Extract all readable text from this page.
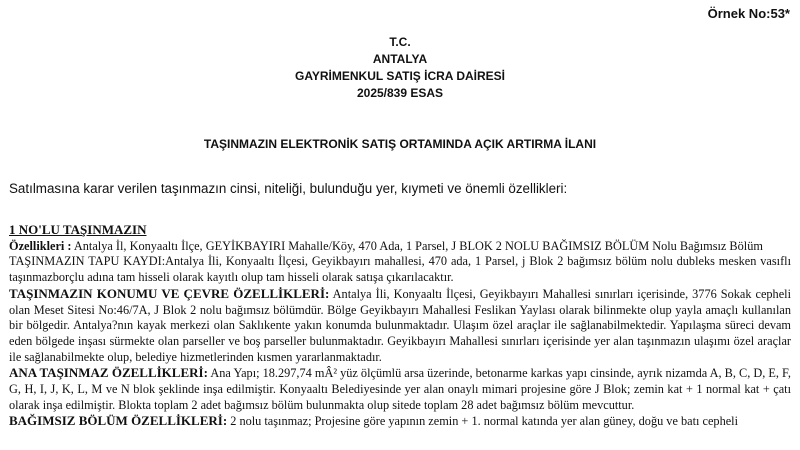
Örnek No:53*
T.C.
ANTALYA
GAYRİMENKUL SATIŞ İCRA DAİRESİ
2025/839 ESAS
TAŞINMAZIN ELEKTRONİK SATIŞ ORTAMINDA AÇIK ARTIRMA İLANI
Satılmasına karar verilen taşınmazın cinsi, niteliği, bulunduğu yer, kıymeti ve önemli özellikleri:

1 NO'LU TAŞINMAZIN

Özellikleri : Antalya İl, Konyaaltı İlçe, GEYİKBAYIRI Mahalle/Köy, 470 Ada, 1 Parsel, J BLOK 2 NOLU BAĞIMSIZ BÖLÜM Nolu Bağımsız Bölüm
TAŞINMAZIN TAPU KAYDI:Antalya İli, Konyaaltı İlçesi, Geyikbayırı mahallesi, 470 ada, 1 Parsel, j Blok 2 bağımsız bölüm nolu dubleks mesken vasıflı taşınmazborçlu adına tam hisseli olarak kayıtlı olup tam hisseli olarak satışa çıkarılacaktır.

TAŞINMAZIN KONUMU VE ÇEVRE ÖZELLİKLERİ: Antalya İli, Konyaaltı İlçesi, Geyikbayırı Mahallesi sınırları içerisinde, 3776 Sokak cepheli olan Meset Sitesi No:46/7A, J Blok 2 nolu bağımsız bölümdür. Bölge Geyikbayırı Mahallesi Feslikan Yaylası olarak bilinmekte olup yayla amaçlı kullanılan bir bölgedir. Antalya?nın kayak merkezi olan Saklıkente yakın konumda bulunmaktadır. Ulaşım özel araçlar ile sağlanabilmektedir. Yapılaşma süreci devam eden bölgede inşası sürmekte olan parseller ve boş parseller bulunmaktadır. Geyikbayırı Mahallesi sınırları içerisinde yer alan taşınmazın ulaşımı özel araçlar ile sağlanabilmekte olup, belediye hizmetlerinden kısmen yararlanmaktadır.

ANA TAŞINMAZ ÖZELLİKLERİ: Ana Yapı; 18.297,74 mÂ² yüz ölçümlü arsa üzerinde, betonarme karkas yapı cinsinde, ayrık nizamda A, B, C, D, E, F, G, H, I, J, K, L, M ve N blok şeklinde inşa edilmiştir. Konyaaltı Belediyesinde yer alan onaylı mimari projesine göre J Blok; zemin kat + 1 normal kat + çatı olarak inşa edilmiştir. Blokta toplam 2 adet bağımsız bölüm bulunmakta olup sitede toplam 28 adet bağımsız bölüm mevcuttur.

BAĞIMSIZ BÖLÜM ÖZELLİKLERİ: 2 nolu taşınmaz; Projesine göre yapının zemin + 1. normal katında yer alan güney, doğu ve batı cepheli
